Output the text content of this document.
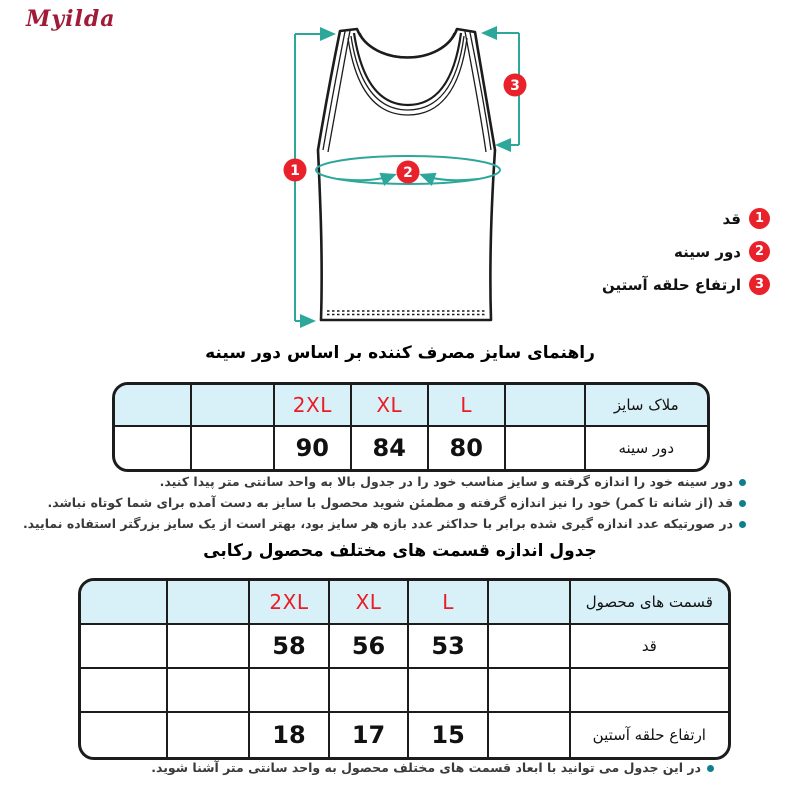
Myilda
1	2
3
1
قد
2
دور سینه
3
ارتفاع حلقه آستین
راهنمای سایز مصرف کننده بر اساس دور سینه
2XL	XL	L	ملاک سایز
90	84	80	دور سینه
دور سینه خود را اندازه گرفته و سایز مناسب خود را در جدول بالا به واحد سانتی متر پیدا کنید.
قد (از شانه تا کمر) خود را نیز اندازه گرفته و مطمئن شوید محصول با سایز به دست آمده برای شما کوتاه نباشد.
در صورتیکه عدد اندازه گیری شده برابر با حداکثر عدد بازه هر سایز بود، بهتر است از یک سایز بزرگتر استفاده نمایید.
جدول اندازه قسمت های مختلف محصول رکابی
2XL	XL	L	قسمت های محصول
58	56	53	قد
18	17	15	ارتفاع حلقه آستین
در این جدول می توانید با ابعاد قسمت های مختلف محصول به واحد سانتی متر آشنا شوید.
